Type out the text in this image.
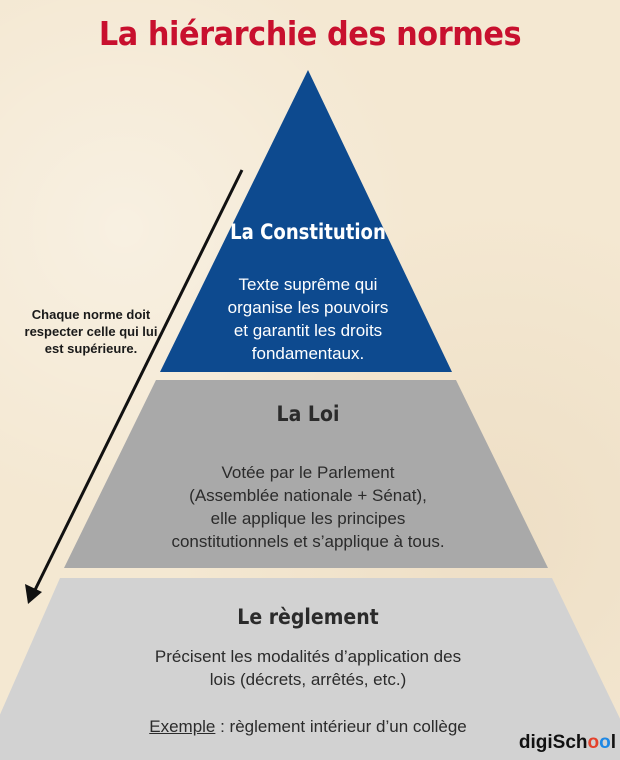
La hiérarchie des normes
La Constitution
Texte suprême qui
organise les pouvoirs
et garantit les droits
fondamentaux.
La Loi
Votée par le Parlement
(Assemblée nationale + Sénat),
elle applique les principes
constitutionnels et s’applique à tous.
Le règlement
Précisent les modalités d’application des
lois (décrets, arrêtés, etc.)
Exemple : règlement intérieur d’un collège
Chaque norme doit respecter celle qui lui est supérieure.
digiSchool
